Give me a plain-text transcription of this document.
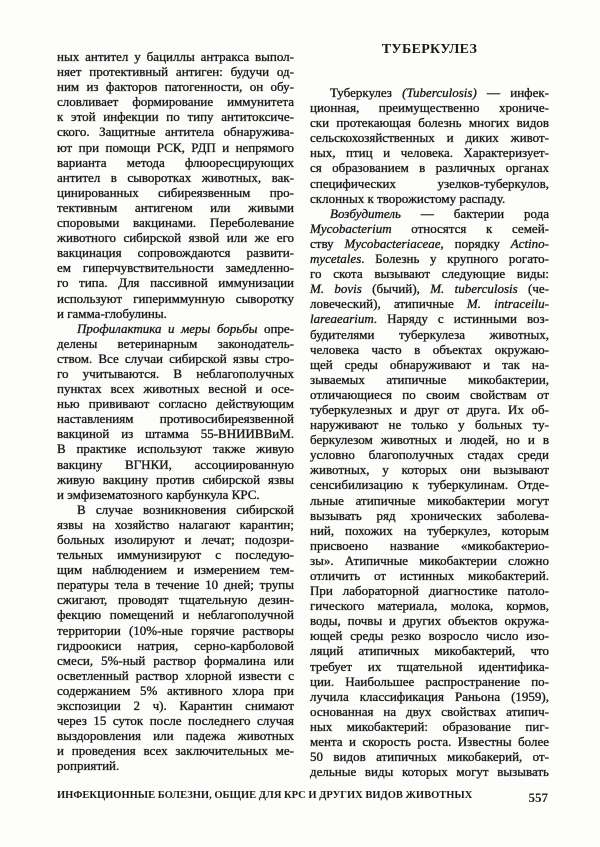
ТУБЕРКУЛЕЗ
ных антител у бациллы антракса выпол-
няет протективный антиген: будучи од-
ним из факторов патогенности, он обу-
словливает формирование иммунитета
к этой инфекции по типу антитоксиче-
ского. Защитные антитела обнаружива-
ют при помощи РСК, РДП и непрямого
варианта метода флюоресцирующих
антител в сыворотках животных, вак-
цинированных сибиреязвенным про-
тективным антигеном или живыми
споровыми вакцинами. Переболевание
животного сибирской язвой или же его
вакцинация сопровождаются развити-
ем гиперчувствительности замедленно-
го типа. Для пассивной иммунизации
используют гипериммунную сыворотку
и гамма-глобулины.
Профилактика и меры борьбы опре-
делены ветеринарным законодатель-
ством. Все случаи сибирской язвы стро-
го учитываются. В неблагополучных
пунктах всех животных весной и осе-
нью прививают согласно действующим
наставлениям противосибиреязвенной
вакциной из штамма 55-ВНИИВВиМ.
В практике используют также живую
вакцину ВГНКИ, ассоциированную
живую вакцину против сибирской язвы
и эмфизематозного карбункула КРС.
В случае возникновения сибирской
язвы на хозяйство налагают карантин;
больных изолируют и лечат; подозри-
тельных иммунизируют с последую-
щим наблюдением и измерением тем-
пературы тела в течение 10 дней; трупы
сжигают, проводят тщательную дезин-
фекцию помещений и неблагополучной
территории (10%-ные горячие растворы
гидроокиси натрия, серно-карболовой
смеси, 5%-ный раствор формалина или
осветленный раствор хлорной извести с
содержанием 5% активного хлора при
экспозиции 2 ч). Карантин снимают
через 15 суток после последнего случая
выздоровления или падежа животных
и проведения всех заключительных ме-
роприятий.
Туберкулез (Tuberculosis) — инфек-
ционная, преимущественно хрониче-
ски протекающая болезнь многих видов
сельскохозяйственных и диких живот-
ных, птиц и человека. Характеризует-
ся образованием в различных органах
специфических узелков-туберкулов,
склонных к творожистому распаду.
Возбудитель — бактерии рода
Mycobacterium относятся к семей-
ству Mycobacteriaceae, порядку Actino-
mycetales. Болезнь у крупного рогато-
го скота вызывают следующие виды:
M. bovis (бычий), M. tuberculosis (че-
ловеческий), атипичные M. intraceilu-
lareaearium. Наряду с истинными воз-
будителями туберкулеза животных,
человека часто в объектах окружаю-
щей среды обнаруживают и так на-
зываемых атипичные микобактерии,
отличающиеся по своим свойствам от
туберкулезных и друг от друга. Их об-
наруживают не только у больных ту-
беркулезом животных и людей, но и в
условно благополучных стадах среди
животных, у которых они вызывают
сенсибилизацию к туберкулинам. Отде-
льные атипичные микобактерии могут
вызывать ряд хронических заболева-
ний, похожих на туберкулез, которым
присвоено название «микобактерио-
зы». Атипичные микобактерии сложно
отличить от истинных микобактерий.
При лабораторной диагностике патоло-
гического материала, молока, кормов,
воды, почвы и других объектов окружа-
ющей среды резко возросло число изо-
ляций атипичных микобактерий, что
требует их тщательной идентифика-
ции. Наибольшее распространение по-
лучила классификация Раньона (1959),
основанная на двух свойствах атипич-
ных микобактерий: образование пиг-
мента и скорость роста. Известны более
50 видов атипичных микобакерий, от-
дельные виды которых могут вызывать
ИНФЕКЦИОННЫЕ БОЛЕЗНИ, ОБЩИЕ ДЛЯ КРС И ДРУГИХ ВИДОВ ЖИВОТНЫХ	557
